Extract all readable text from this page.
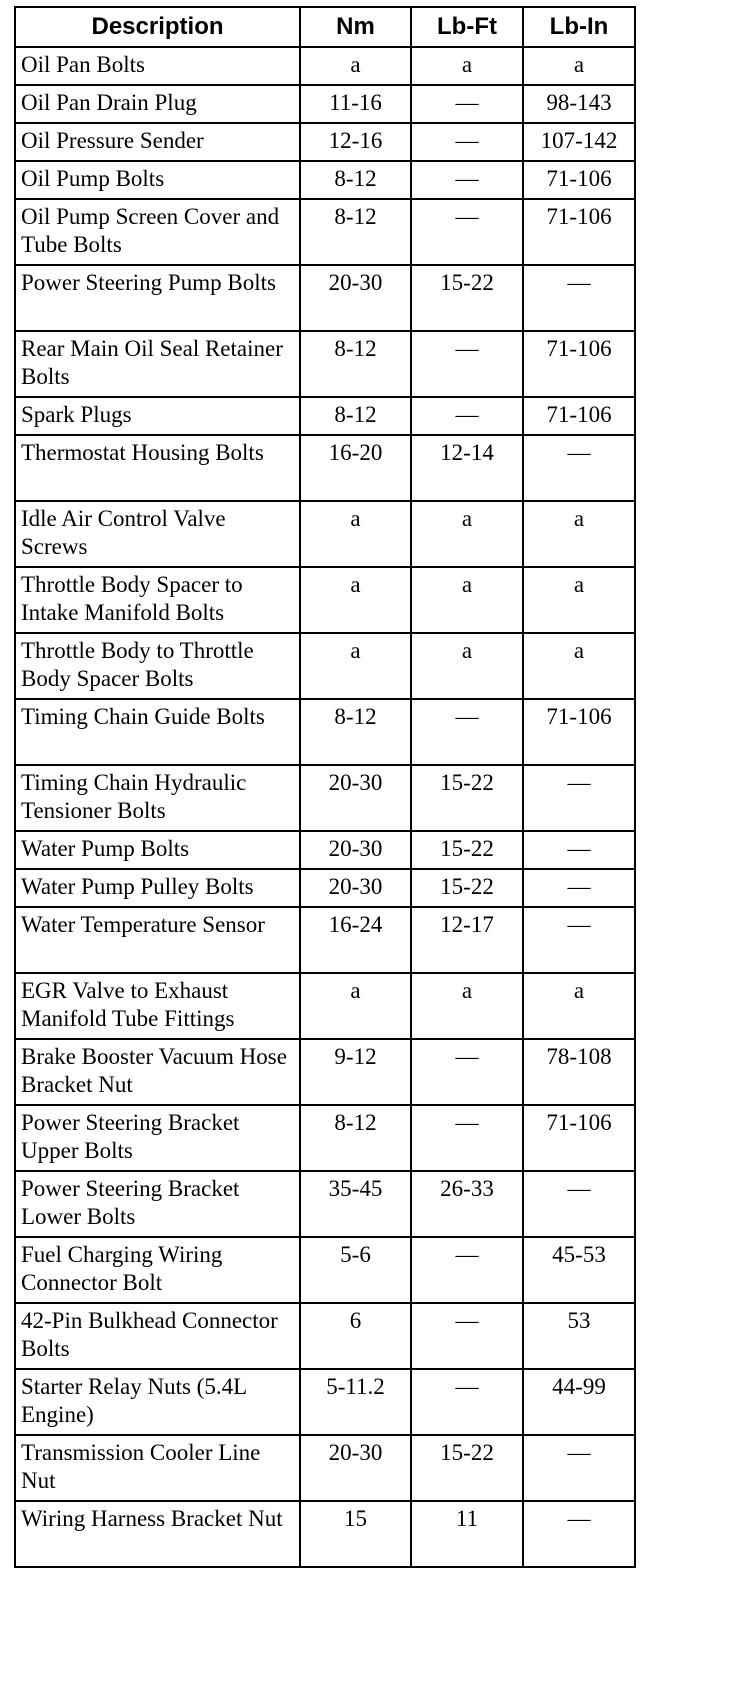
Description	Nm	Lb-Ft	Lb-In
Oil Pan Bolts	a	a	a
Oil Pan Drain Plug	11-16	—	98-143
Oil Pressure Sender	12-16	—	107-142
Oil Pump Bolts	8-12	—	71-106
Oil Pump Screen Cover and Tube Bolts	8-12	—	71-106
Power Steering Pump Bolts	20-30	15-22	—
Rear Main Oil Seal Retainer Bolts	8-12	—	71-106
Spark Plugs	8-12	—	71-106
Thermostat Housing Bolts	16-20	12-14	—
Idle Air Control Valve Screws	a	a	a
Throttle Body Spacer to Intake Manifold Bolts	a	a	a
Throttle Body to Throttle Body Spacer Bolts	a	a	a
Timing Chain Guide Bolts	8-12	—	71-106
Timing Chain Hydraulic Tensioner Bolts	20-30	15-22	—
Water Pump Bolts	20-30	15-22	—
Water Pump Pulley Bolts	20-30	15-22	—
Water Temperature Sensor	16-24	12-17	—
EGR Valve to Exhaust Manifold Tube Fittings	a	a	a
Brake Booster Vacuum Hose Bracket Nut	9-12	—	78-108
Power Steering Bracket Upper Bolts	8-12	—	71-106
Power Steering Bracket Lower Bolts	35-45	26-33	—
Fuel Charging Wiring Connector Bolt	5-6	—	45-53
42-Pin Bulkhead Connector Bolts	6	—	53
Starter Relay Nuts (5.4L Engine)	5-11.2	—	44-99
Transmission Cooler Line Nut	20-30	15-22	—
Wiring Harness Bracket Nut	15	11	—
